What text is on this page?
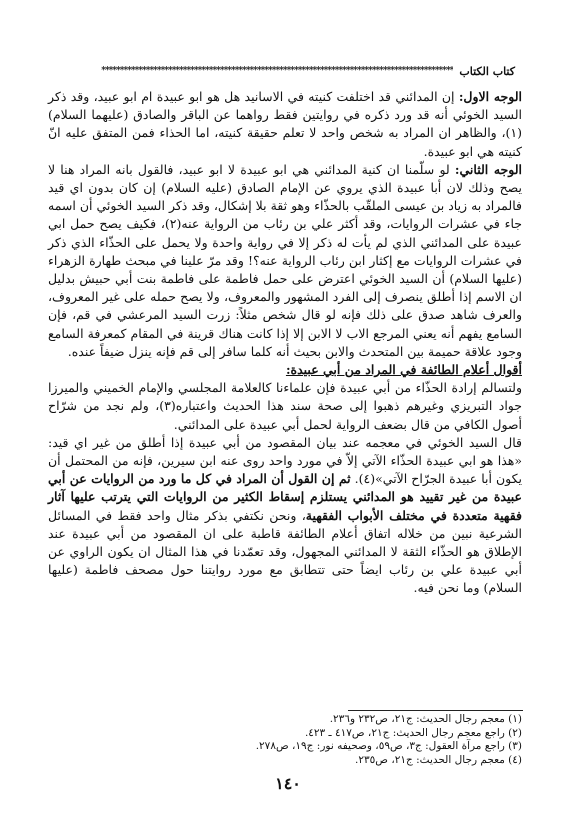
كتاب الكتاب
***********************************************************************************************

الوجه الاول: إن المدائني قد اختلفت كنيته في الاسانيد هل هو ابو عبيدة ام ابو عبيد، وقد ذكر السيد الخوئي أنه قد ورد ذكره في روايتين فقط رواهما عن الباقر والصادق (عليهما السلام)(١)، والظاهر ان المراد به شخص واحد لا تعلم حقيقة كنيته، اما الحذاء فمن المتفق عليه انّ كنيته هي ابو عبيدة.

الوجه الثاني: لو سلّمنا ان كنية المدائني هي ابو عبيدة لا ابو عبيد، فالقول بانه المراد هنا لا يصح وذلك لان أبا عبيدة الذي يروي عن الإمام الصادق (عليه السلام) إن كان بدون اي قيد فالمراد به زياد بن عيسى الملقّب بالحذّاء وهو ثقة بلا إشكال، وقد ذكر السيد الخوئي أن اسمه جاء في عشرات الروايات، وقد أكثر علي بن رئاب من الرواية عنه(٢)، فكيف يصح حمل ابي عبيدة على المدائني الذي لم يأت له ذكر إلا في رواية واحدة ولا يحمل على الحذّاء الذي ذكر في عشرات الروايات مع إكثار ابن رئاب الرواية عنه؟! وقد مرّ علينا في مبحث طهارة الزهراء (عليها السلام) أن السيد الخوئي اعترض على حمل فاطمة على فاطمة بنت أبي حبيش بدليل ان الاسم إذا أطلق ينصرف إلى الفرد المشهور والمعروف، ولا يصح حمله على غير المعروف، والعرف شاهد صدق على ذلك فإنه لو قال شخص مثلاً: زرت السيد المرعشي في قم، فإن السامع يفهم أنه يعني المرجع الاب لا الابن إلا إذا كانت هناك قرينة في المقام كمعرفة السامع وجود علاقة حميمة بين المتحدث والابن بحيث أنه كلما سافر إلى قم فإنه ينزل ضيفاً عنده.

أقوال أعلام الطائفة في المراد من أبي عبيدة:

ولتسالم إرادة الحذّاء من أبي عبيدة فإن علماءنا كالعلامة المجلسي والإمام الخميني والميرزا جواد التبريزي وغيرهم ذهبوا إلى صحة سند هذا الحديث واعتباره(٣)، ولم نجد من شرّاح أصول الكافي من قال بضعف الرواية لحمل أبي عبيدة على المدائني.

قال السيد الخوئي في معجمه عند بيان المقصود من أبي عبيدة إذا أطلق من غير اي قيد: «هذا هو ابي عبيدة الحذّاء الآتي إلاّ في مورد واحد روى عنه ابن سيرين، فإنه من المحتمل أن يكون أبا عبيدة الجرّاح الآتي»(٤). ثم إن القول أن المراد في كل ما ورد من الروايات عن أبي عبيدة من غير تقييد هو المدائني يستلزم إسقاط الكثير من الروايات التي يترتب عليها آثار فقهية متعددة في مختلف الأبواب الفقهية، ونحن نكتفي بذكر مثال واحد فقط في المسائل الشرعية نبين من خلاله اتفاق أعلام الطائفة قاطبة على ان المقصود من أبي عبيدة عند الإطلاق هو الحذّاء الثقة لا المدائني المجهول، وقد تعمّدنا في هذا المثال ان يكون الراوي عن أبي عبيدة علي بن رئاب ايضاً حتى تتطابق مع مورد روايتنا حول مصحف فاطمة (عليها السلام) وما نحن فيه.

(١) معجم رجال الحديث: ج٢١، ص٢٣٢ و٢٣٦.
(٢) راجع معجم رجال الحديث: ج٢١، ص٤١٧ ـ ٤٢٣.
(٣) راجع مرآة العقول: ج٣، ص٥٩، وصحيفه نور: ج١٩، ص٢٧٨.
(٤) معجم رجال الحديث: ج٢١، ص٢٣٥.
١٤٠
